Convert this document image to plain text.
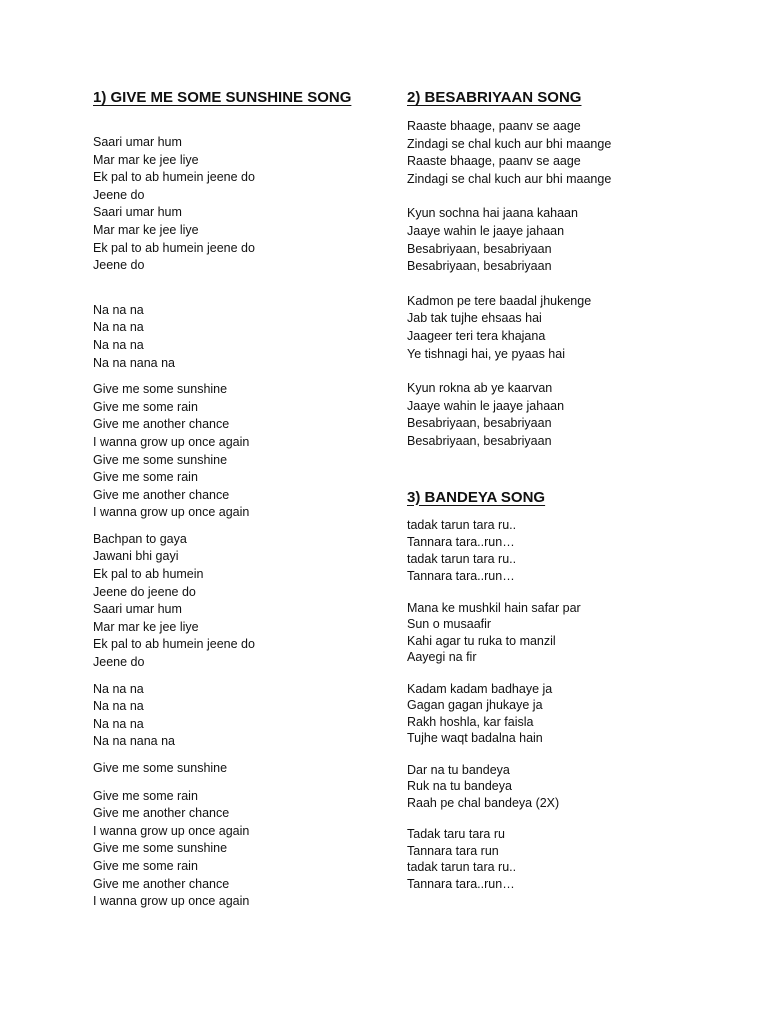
1) GIVE ME SOME SUNSHINE SONG
Saari umar hum
Mar mar ke jee liye
Ek pal to ab humein jeene do
Jeene do
Saari umar hum
Mar mar ke jee liye
Ek pal to ab humein jeene do
Jeene do
Na na na
Na na na
Na na na
Na na nana na
Give me some sunshine
Give me some rain
Give me another chance
I wanna grow up once again
Give me some sunshine
Give me some rain
Give me another chance
I wanna grow up once again
Bachpan to gaya
Jawani bhi gayi
Ek pal to ab humein
Jeene do jeene do
Saari umar hum
Mar mar ke jee liye
Ek pal to ab humein jeene do
Jeene do
Na na na
Na na na
Na na na
Na na nana na
Give me some sunshine
Give me some rain
Give me another chance
I wanna grow up once again
Give me some sunshine
Give me some rain
Give me another chance
I wanna grow up once again
2) BESABRIYAAN SONG
Raaste bhaage, paanv se aage
Zindagi se chal kuch aur bhi maange
Raaste bhaage, paanv se aage
Zindagi se chal kuch aur bhi maange
Kyun sochna hai jaana kahaan
Jaaye wahin le jaaye jahaan
Besabriyaan, besabriyaan
Besabriyaan, besabriyaan
Kadmon pe tere baadal jhukenge
Jab tak tujhe ehsaas hai
Jaageer teri tera khajana
Ye tishnagi hai, ye pyaas hai
Kyun rokna ab ye kaarvan
Jaaye wahin le jaaye jahaan
Besabriyaan, besabriyaan
Besabriyaan, besabriyaan
3) BANDEYA SONG
tadak tarun tara ru..
Tannara tara..run…
tadak tarun tara ru..
Tannara tara..run…
Mana ke mushkil hain safar par
Sun o musaafir
Kahi agar tu ruka to manzil
Aayegi na fir
Kadam kadam badhaye ja
Gagan gagan jhukaye ja
Rakh hoshla, kar faisla
Tujhe waqt badalna hain
Dar na tu bandeya
Ruk na tu bandeya
Raah pe chal bandeya (2X)
Tadak taru tara ru
Tannara tara run
tadak tarun tara ru..
Tannara tara..run…
